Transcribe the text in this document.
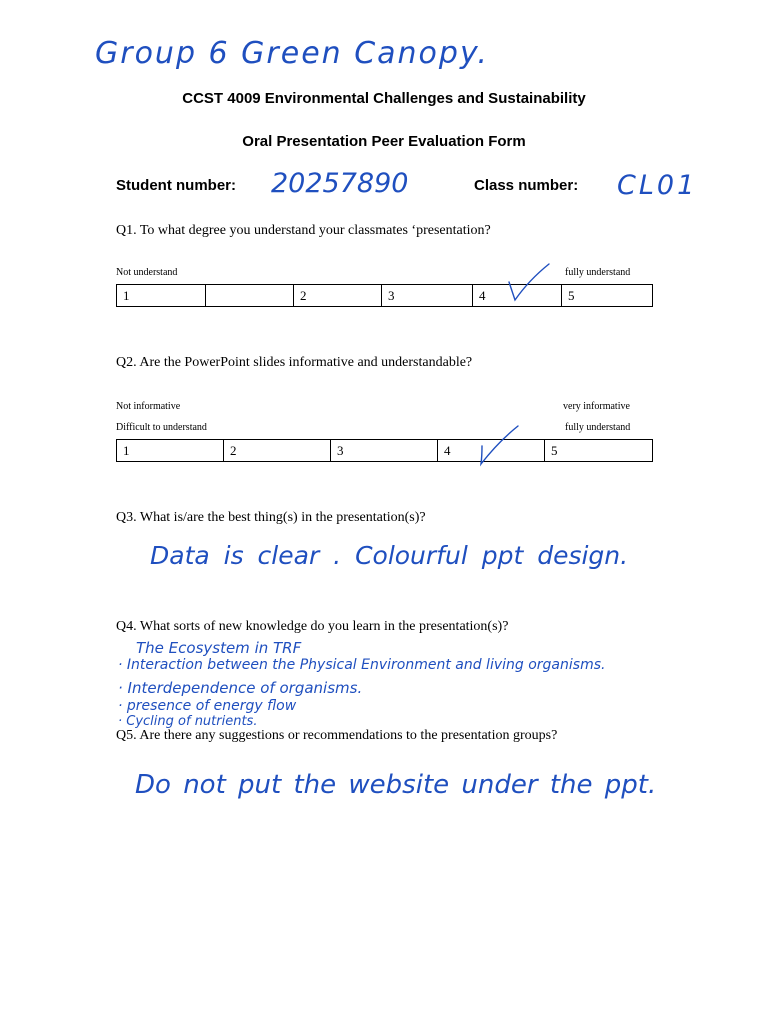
Group 6 Green Canopy.
CCST 4009 Environmental Challenges and Sustainability
Oral Presentation Peer Evaluation Form
Student number: 20257890	Class number: CL01
Q1. To what degree you understand your classmates ‘presentation?
Not understand	fully understand
1		2	3	4	5
Q2. Are the PowerPoint slides informative and understandable?
Not informative	very informative
Difficult to understand	fully understand
1	2	3	4	5
Q3. What is/are the best thing(s) in the presentation(s)?
Data is clear . Colourful ppt design.
Q4. What sorts of new knowledge do you learn in the presentation(s)?
The Ecosystem in TRF
· Interaction between the Physical Environment and living organisms.
· Interdependence of organisms.
· presence of energy flow
· Cycling of nutrients.
Q5. Are there any suggestions or recommendations to the presentation groups?
Do not put the website under the ppt.
